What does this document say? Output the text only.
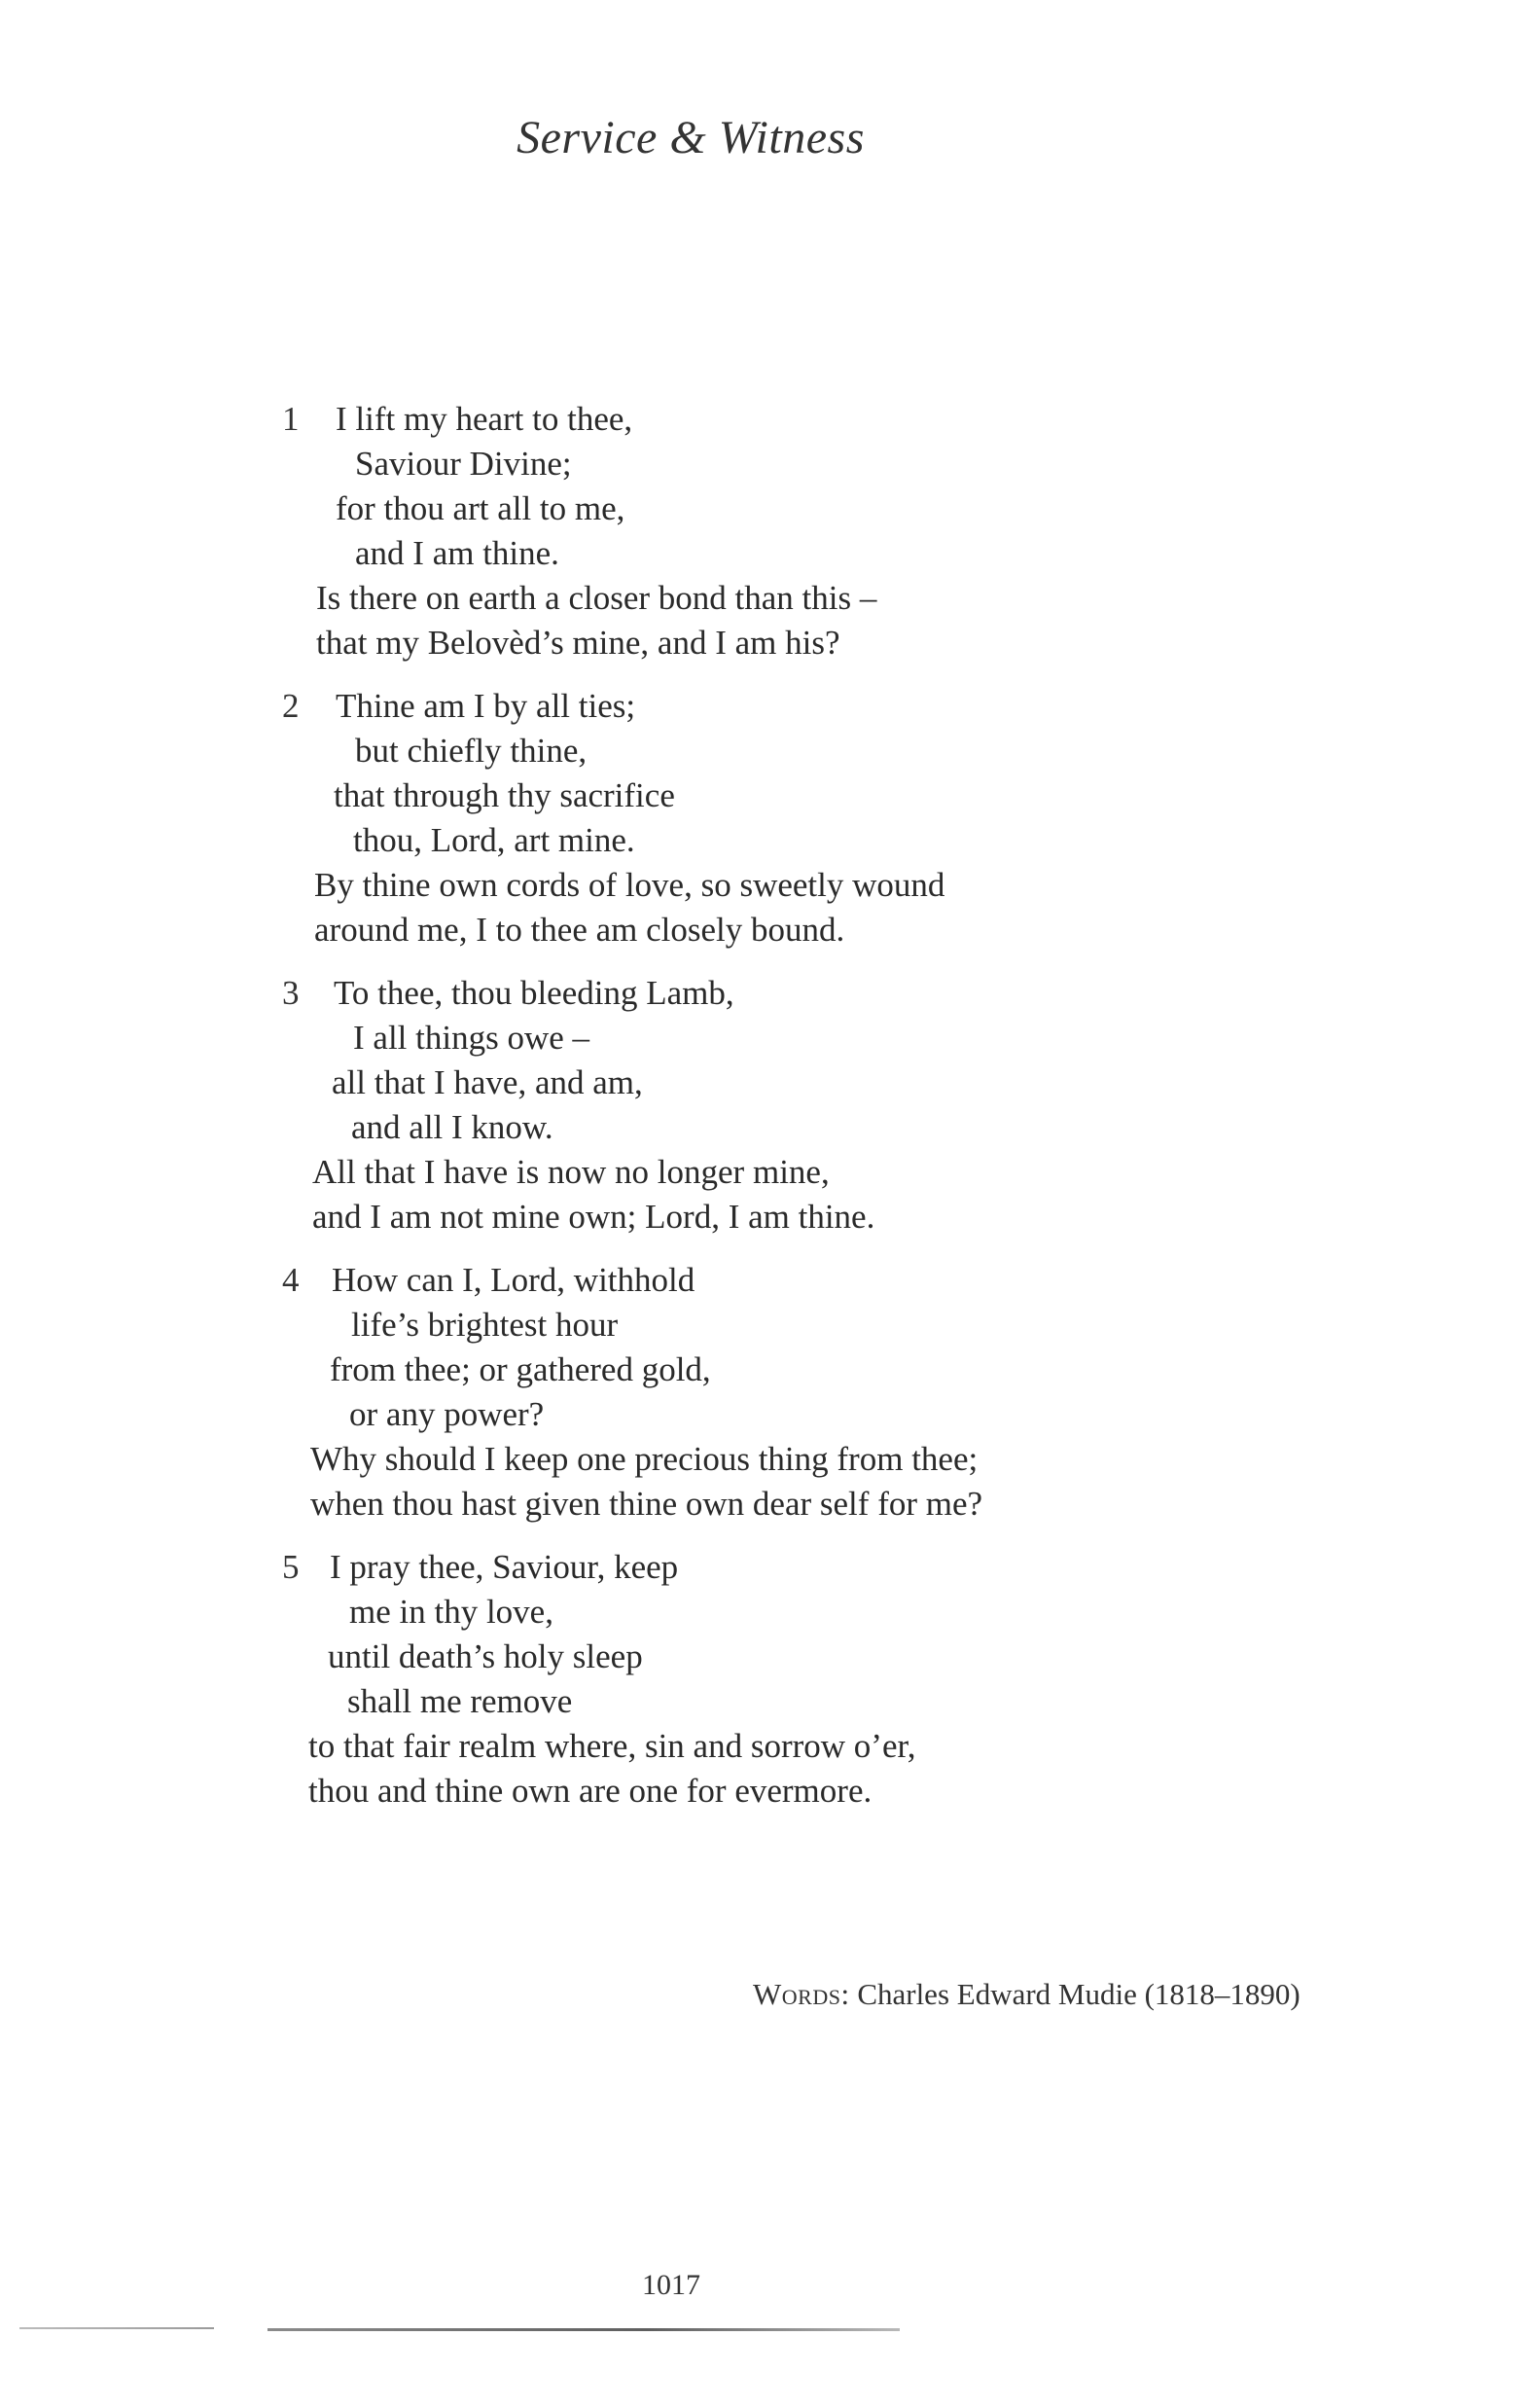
Service & Witness
1	I lift my heart to thee,
Saviour Divine;
for thou art all to me,
and I am thine.
Is there on earth a closer bond than this –
that my Belovèd’s mine, and I am his?
2	Thine am I by all ties;
but chiefly thine,
that through thy sacrifice
thou, Lord, art mine.
By thine own cords of love, so sweetly wound
around me, I to thee am closely bound.
3	To thee, thou bleeding Lamb,
I all things owe –
all that I have, and am,
and all I know.
All that I have is now no longer mine,
and I am not mine own; Lord, I am thine.
4 How can I, Lord, withhold
life’s brightest hour
from thee; or gathered gold,
or any power?
Why should I keep one precious thing from thee;
when thou hast given thine own dear self for me?
5 I pray thee, Saviour, keep
me in thy love,
until death’s holy sleep
shall me remove
to that fair realm where, sin and sorrow o’er,
thou and thine own are one for evermore.
Words: Charles Edward Mudie (1818–1890)
1017
